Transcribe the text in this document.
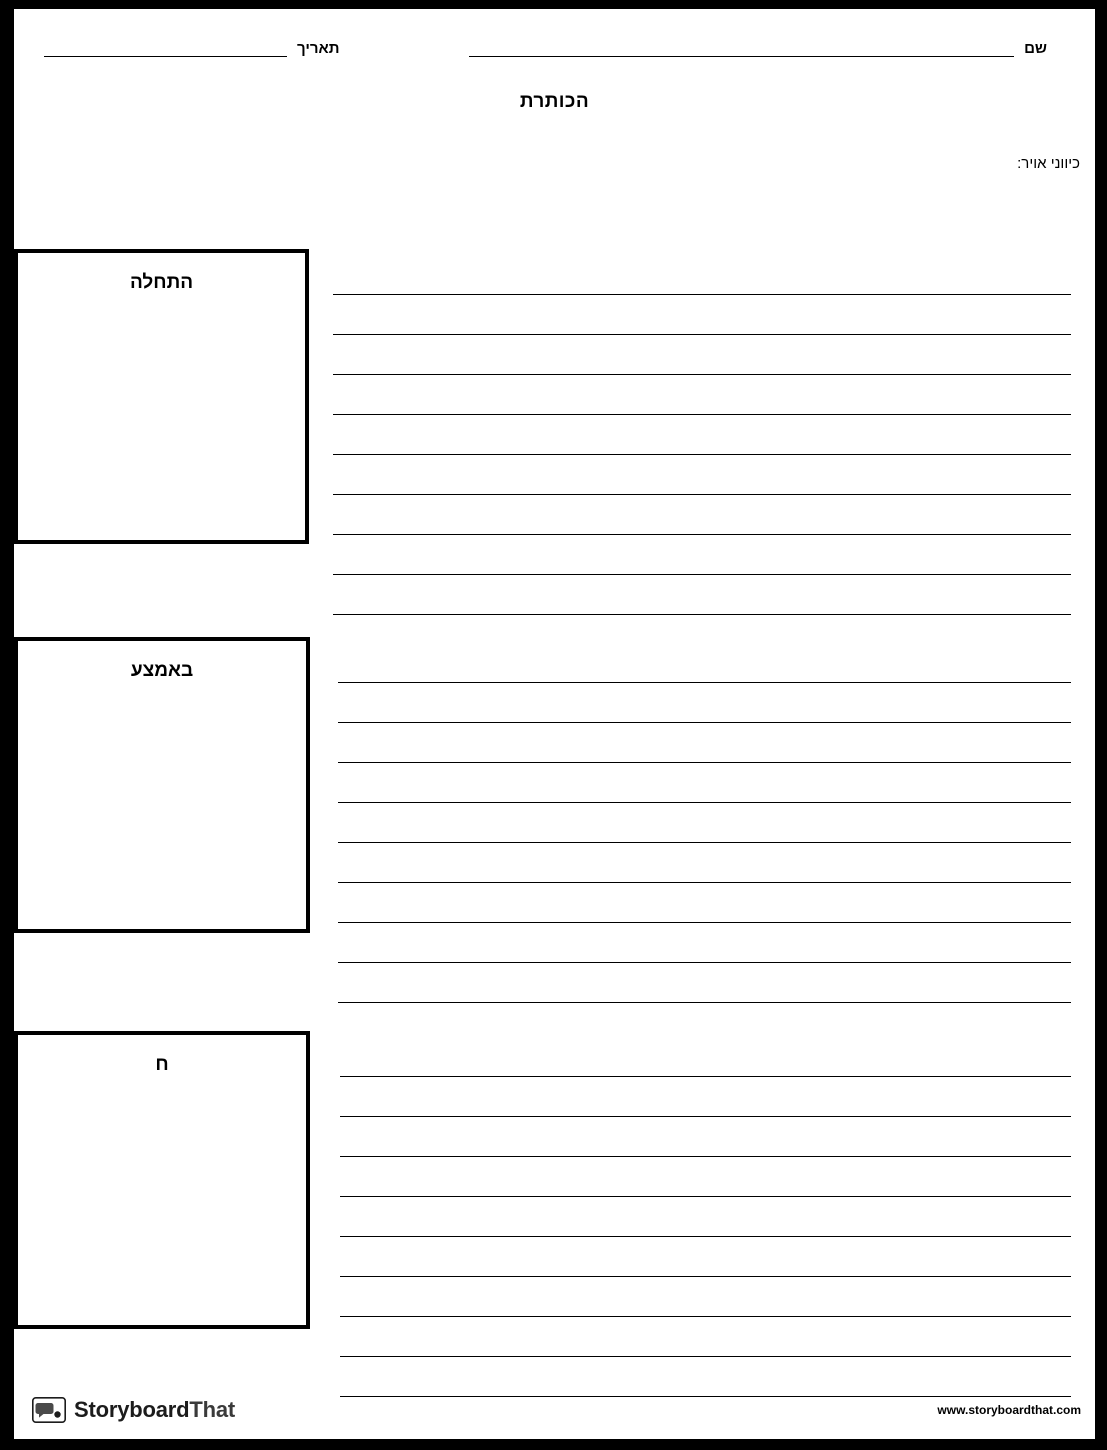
שם
תאריך
הכותרת
כיווני אויר:
התחלה
באמצע
ח
www.storyboardthat.com
StoryboardThat
